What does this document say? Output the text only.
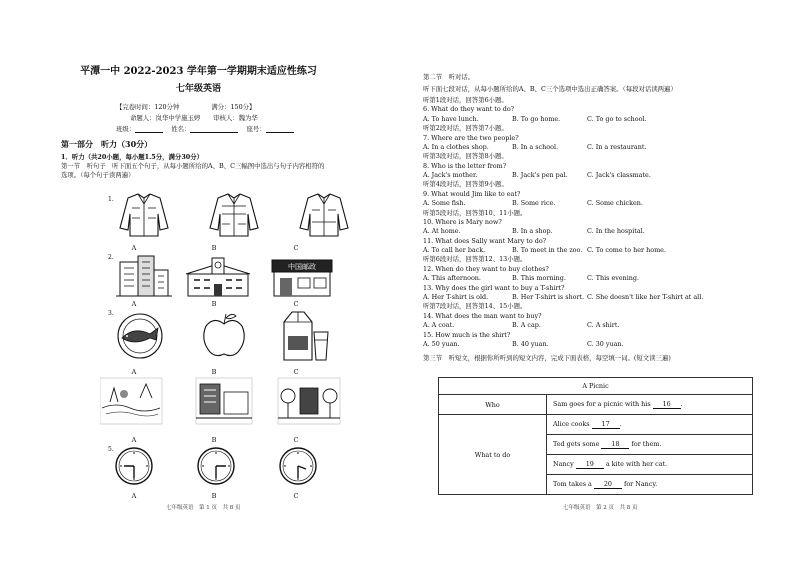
平潭一中 2022-2023 学年第一学期期末适应性练习
七年级英语
【完卷时间：120分钟　　　　　满分：150分】
命题人：岚华中学施玉婷　　审核人：魏为华
班级：	姓名：	座号：
第一部分　听力（30分）
1．听力（共20小题，每小题1.5分，满分30分）
第一节　听句子　听下面五个句子，从每小题所给的A、B、C三幅图中选出与句子内容相符的
选项。（每个句子读两遍）
1.
A	B	C
2.
中国邮政
A	B	C
3.
A	B	C
A	B	C
5.
A	B	C
七年级英语　第 1 页　共 8 页
第二节　听对话。
听下面七段对话，从每小题所给的A、B、C三个选项中选出正确答案。（每段对话读两遍）
听第1段对话，回答第6小题。
6. What do they want to do?
A. To have lunch.	B. To go home.	C. To go to school.
听第2段对话，回答第7小题。
7. Where are the two people?
A. In a clothes shop.	B. In a school.	C. In a restaurant.
听第3段对话，回答第8小题。
8. Who is the letter from?
A. Jack's mother.	B. Jack's pen pal.	C. Jack's classmate.
听第4段对话，回答第9小题。
9. What would Jim like to eat?
A. Some fish.	B. Some rice.	C. Some chicken.
听第5段对话，回答第10、11小题。
10. Where is Mary now?
A. At home.	B. In a shop.	C. In the hospital.
11. What does Sally want Mary to do?
A. To call her back.	B. To meet in the zoo. C. To come to her home.
听第6段对话，回答第12、13小题。
12. When do they want to buy clothes?
A. This afternoon.	B. This morning.	C. This evening.
13. Why does the girl want to buy a T-shirt?
A. Her T-shirt is old.	B. Her T-shirt is short. C. She doesn't like her T-shirt at all.
听第7段对话，回答第14、15小题。
14. What does the man want to buy?
A. A coat.	B. A cap.	C. A shirt.
15. How much is the shirt?
A. 50 yuan.	B. 40 yuan.	C. 30 yuan.
第三节　听短文，根据你所听到的短文内容，完成下面表格，每空填一词。(短文读三遍)
A Picnic	
Who	Sam goes for a picnic with his 16 .
What to do	Alice cooks 17 .
	Ted gets some 18 for them.
	Nancy 19 a kite with her cat.
	Tom takes a 20 for Nancy.
七年级英语　第 2 页　共 8 页
